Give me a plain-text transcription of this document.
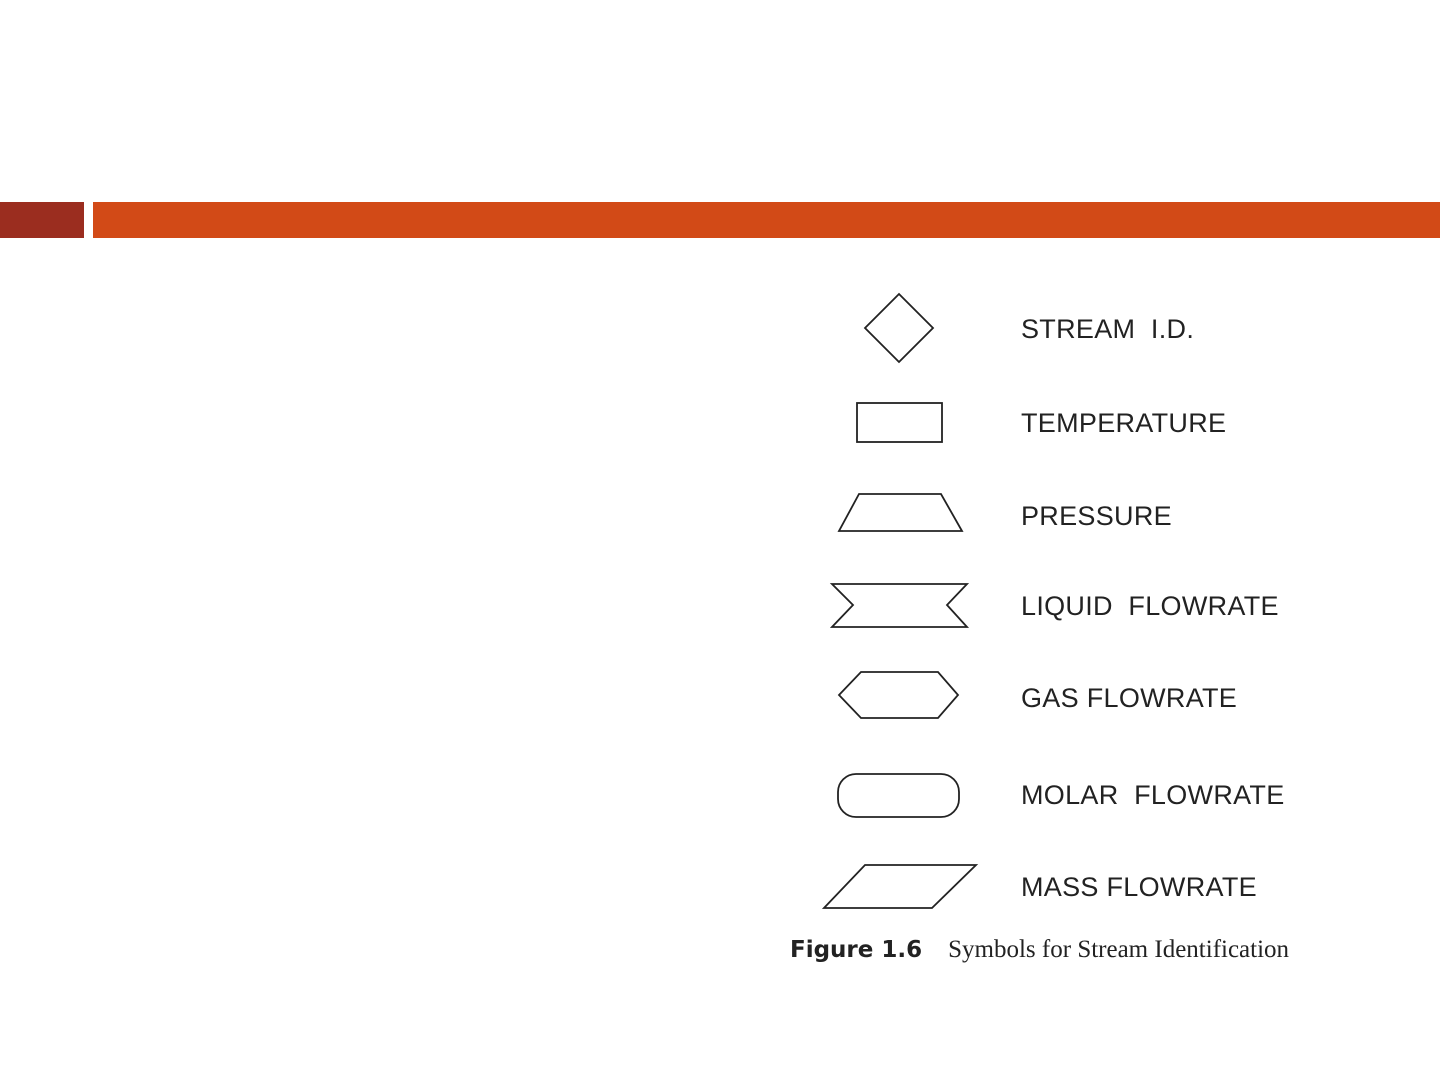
STREAM  I.D.
TEMPERATURE
PRESSURE
LIQUID  FLOWRATE
GAS FLOWRATE
MOLAR  FLOWRATE
MASS FLOWRATE
Figure 1.6 Symbols for Stream Identification
